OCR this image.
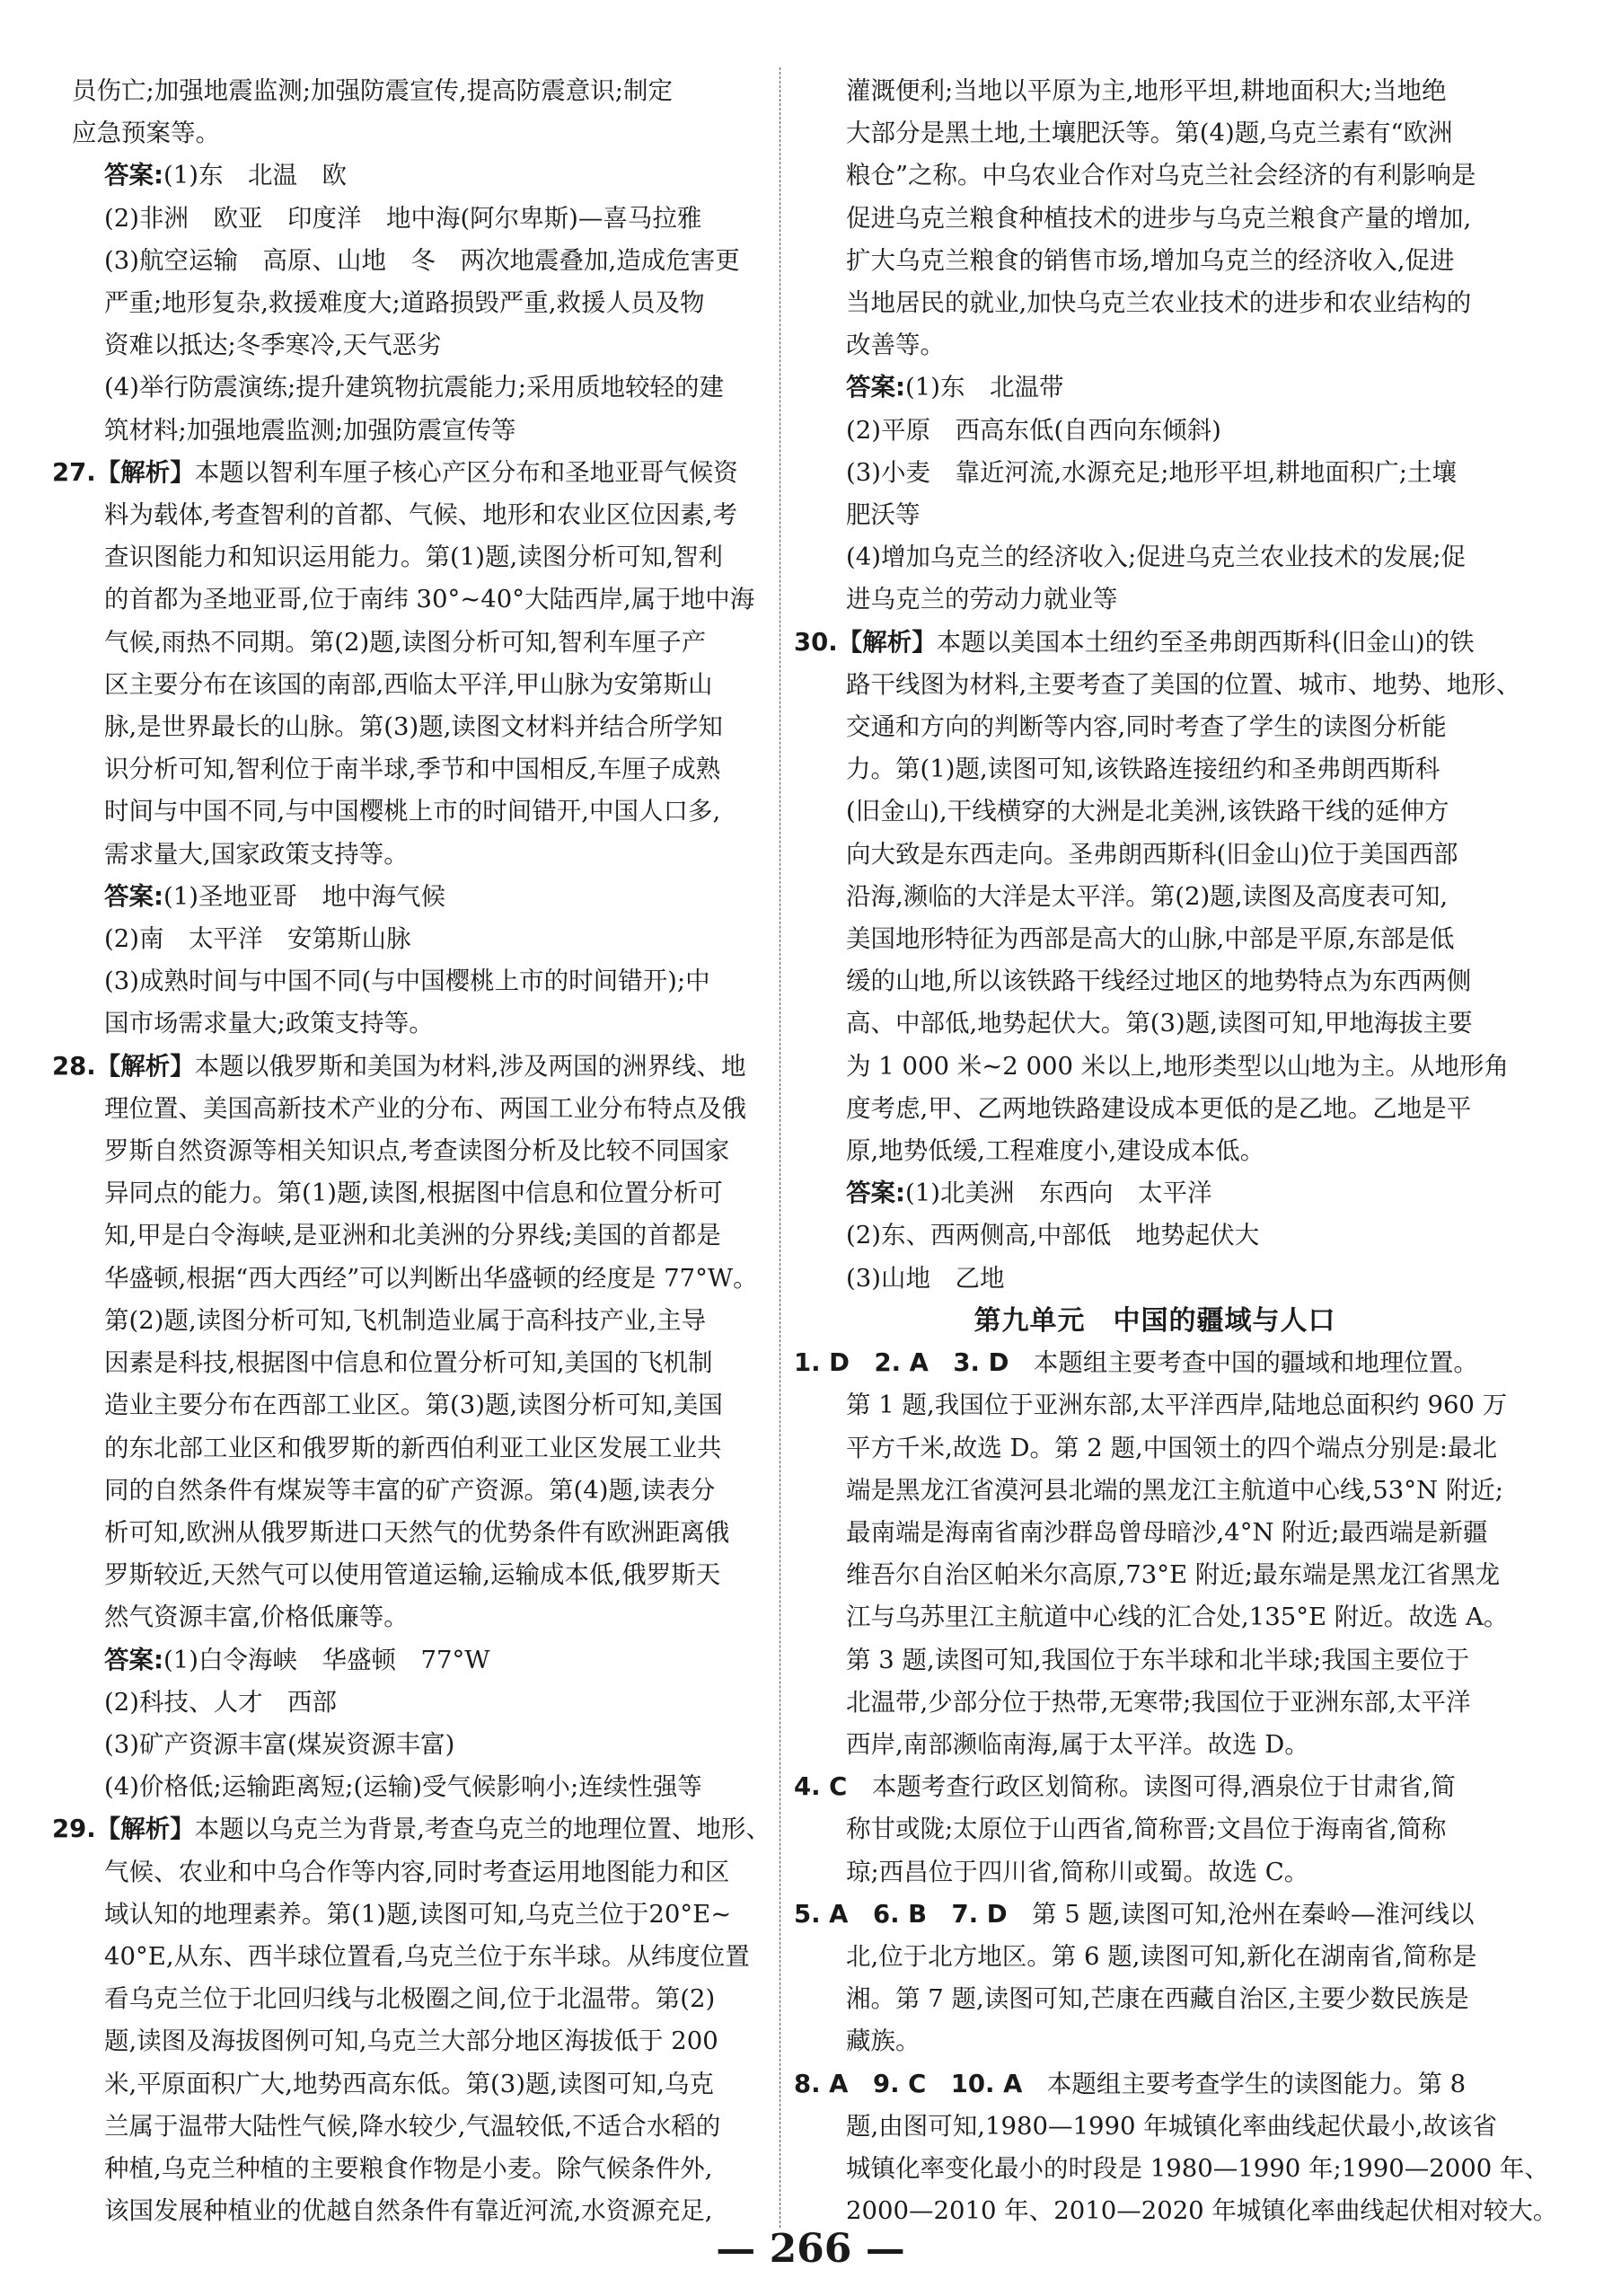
员伤亡;加强地震监测;加强防震宣传,提高防震意识;制定
应急预案等。
答案:(1)东　北温　欧
(2)非洲　欧亚　印度洋　地中海(阿尔卑斯)—喜马拉雅
(3)航空运输　高原、山地　冬　两次地震叠加,造成危害更
严重;地形复杂,救援难度大;道路损毁严重,救援人员及物
资难以抵达;冬季寒冷,天气恶劣
(4)举行防震演练;提升建筑物抗震能力;采用质地较轻的建
筑材料;加强地震监测;加强防震宣传等
27.【解析】本题以智利车厘子核心产区分布和圣地亚哥气候资
料为载体,考查智利的首都、气候、地形和农业区位因素,考
查识图能力和知识运用能力。第(1)题,读图分析可知,智利
的首都为圣地亚哥,位于南纬 30°~40°大陆西岸,属于地中海
气候,雨热不同期。第(2)题,读图分析可知,智利车厘子产
区主要分布在该国的南部,西临太平洋,甲山脉为安第斯山
脉,是世界最长的山脉。第(3)题,读图文材料并结合所学知
识分析可知,智利位于南半球,季节和中国相反,车厘子成熟
时间与中国不同,与中国樱桃上市的时间错开,中国人口多,
需求量大,国家政策支持等。
答案:(1)圣地亚哥　地中海气候
(2)南　太平洋　安第斯山脉
(3)成熟时间与中国不同(与中国樱桃上市的时间错开);中
国市场需求量大;政策支持等。
28.【解析】本题以俄罗斯和美国为材料,涉及两国的洲界线、地
理位置、美国高新技术产业的分布、两国工业分布特点及俄
罗斯自然资源等相关知识点,考查读图分析及比较不同国家
异同点的能力。第(1)题,读图,根据图中信息和位置分析可
知,甲是白令海峡,是亚洲和北美洲的分界线;美国的首都是
华盛顿,根据“西大西经”可以判断出华盛顿的经度是 77°W。
第(2)题,读图分析可知,飞机制造业属于高科技产业,主导
因素是科技,根据图中信息和位置分析可知,美国的飞机制
造业主要分布在西部工业区。第(3)题,读图分析可知,美国
的东北部工业区和俄罗斯的新西伯利亚工业区发展工业共
同的自然条件有煤炭等丰富的矿产资源。第(4)题,读表分
析可知,欧洲从俄罗斯进口天然气的优势条件有欧洲距离俄
罗斯较近,天然气可以使用管道运输,运输成本低,俄罗斯天
然气资源丰富,价格低廉等。
答案:(1)白令海峡　华盛顿　77°W
(2)科技、人才　西部
(3)矿产资源丰富(煤炭资源丰富)
(4)价格低;运输距离短;(运输)受气候影响小;连续性强等
29.【解析】本题以乌克兰为背景,考查乌克兰的地理位置、地形、
气候、农业和中乌合作等内容,同时考查运用地图能力和区
域认知的地理素养。第(1)题,读图可知,乌克兰位于20°E~
40°E,从东、西半球位置看,乌克兰位于东半球。从纬度位置
看乌克兰位于北回归线与北极圈之间,位于北温带。第(2)
题,读图及海拔图例可知,乌克兰大部分地区海拔低于 200
米,平原面积广大,地势西高东低。第(3)题,读图可知,乌克
兰属于温带大陆性气候,降水较少,气温较低,不适合水稻的
种植,乌克兰种植的主要粮食作物是小麦。除气候条件外,
该国发展种植业的优越自然条件有靠近河流,水资源充足,
灌溉便利;当地以平原为主,地形平坦,耕地面积大;当地绝
大部分是黑土地,土壤肥沃等。第(4)题,乌克兰素有“欧洲
粮仓”之称。中乌农业合作对乌克兰社会经济的有利影响是
促进乌克兰粮食种植技术的进步与乌克兰粮食产量的增加,
扩大乌克兰粮食的销售市场,增加乌克兰的经济收入,促进
当地居民的就业,加快乌克兰农业技术的进步和农业结构的
改善等。
答案:(1)东　北温带
(2)平原　西高东低(自西向东倾斜)
(3)小麦　靠近河流,水源充足;地形平坦,耕地面积广;土壤
肥沃等
(4)增加乌克兰的经济收入;促进乌克兰农业技术的发展;促
进乌克兰的劳动力就业等
30.【解析】本题以美国本土纽约至圣弗朗西斯科(旧金山)的铁
路干线图为材料,主要考查了美国的位置、城市、地势、地形、
交通和方向的判断等内容,同时考查了学生的读图分析能
力。第(1)题,读图可知,该铁路连接纽约和圣弗朗西斯科
(旧金山),干线横穿的大洲是北美洲,该铁路干线的延伸方
向大致是东西走向。圣弗朗西斯科(旧金山)位于美国西部
沿海,濒临的大洋是太平洋。第(2)题,读图及高度表可知,
美国地形特征为西部是高大的山脉,中部是平原,东部是低
缓的山地,所以该铁路干线经过地区的地势特点为东西两侧
高、中部低,地势起伏大。第(3)题,读图可知,甲地海拔主要
为 1 000 米~2 000 米以上,地形类型以山地为主。从地形角
度考虑,甲、乙两地铁路建设成本更低的是乙地。乙地是平
原,地势低缓,工程难度小,建设成本低。
答案:(1)北美洲　东西向　太平洋
(2)东、西两侧高,中部低　地势起伏大
(3)山地　乙地
第九单元　中国的疆域与人口
1. D　2. A　3. D　本题组主要考查中国的疆域和地理位置。
第 1 题,我国位于亚洲东部,太平洋西岸,陆地总面积约 960 万
平方千米,故选 D。第 2 题,中国领土的四个端点分别是:最北
端是黑龙江省漠河县北端的黑龙江主航道中心线,53°N 附近;
最南端是海南省南沙群岛曾母暗沙,4°N 附近;最西端是新疆
维吾尔自治区帕米尔高原,73°E 附近;最东端是黑龙江省黑龙
江与乌苏里江主航道中心线的汇合处,135°E 附近。故选 A。
第 3 题,读图可知,我国位于东半球和北半球;我国主要位于
北温带,少部分位于热带,无寒带;我国位于亚洲东部,太平洋
西岸,南部濒临南海,属于太平洋。故选 D。
4. C　本题考查行政区划简称。读图可得,酒泉位于甘肃省,简
称甘或陇;太原位于山西省,简称晋;文昌位于海南省,简称
琼;西昌位于四川省,简称川或蜀。故选 C。
5. A　6. B　7. D　第 5 题,读图可知,沧州在秦岭—淮河线以
北,位于北方地区。第 6 题,读图可知,新化在湖南省,简称是
湘。第 7 题,读图可知,芒康在西藏自治区,主要少数民族是
藏族。
8. A　9. C　10. A　本题组主要考查学生的读图能力。第 8
题,由图可知,1980—1990 年城镇化率曲线起伏最小,故该省
城镇化率变化最小的时段是 1980—1990 年;1990—2000 年、
2000—2010 年、2010—2020 年城镇化率曲线起伏相对较大。
— 266 —
